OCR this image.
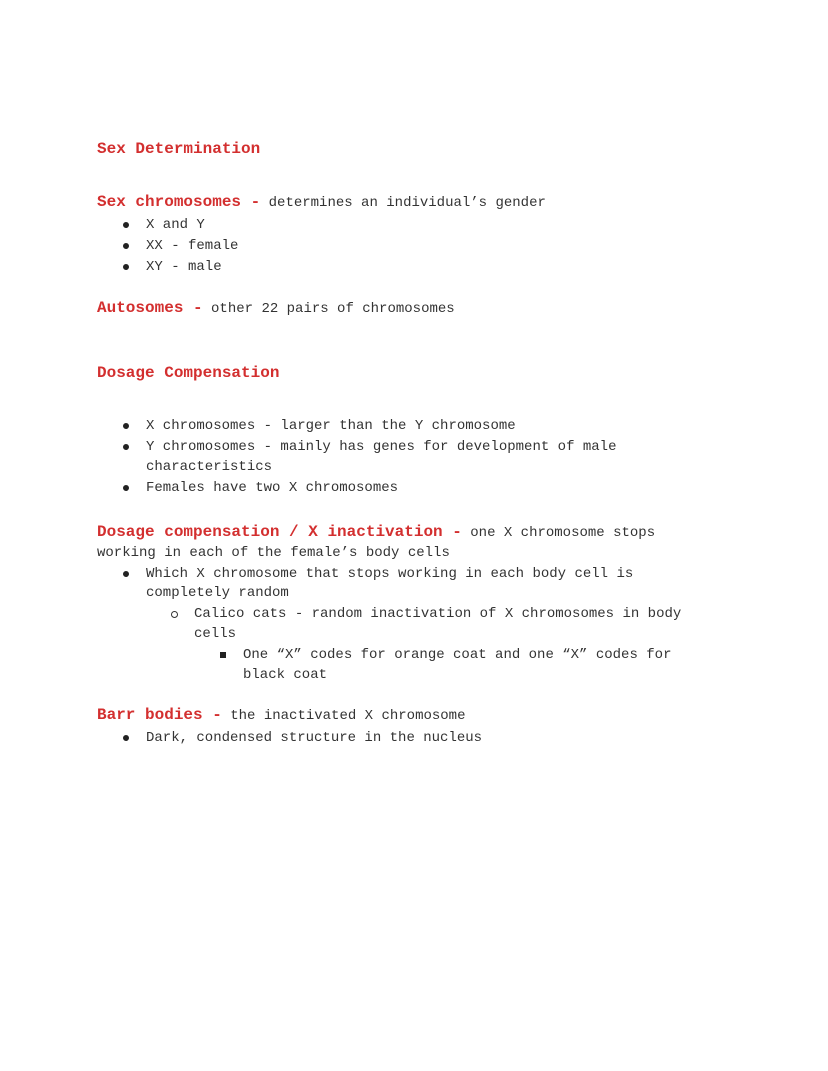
Sex Determination
Sex chromosomes - determines an individual’s gender
X and Y
XX - female
XY - male
Autosomes - other 22 pairs of chromosomes
Dosage Compensation
X chromosomes - larger than the Y chromosome
Y chromosomes - mainly has genes for development of male
characteristics
Females have two X chromosomes
Dosage compensation / X inactivation - one X chromosome stops
working in each of the female’s body cells
Which X chromosome that stops working in each body cell is
completely random
Calico cats - random inactivation of X chromosomes in body
cells
One “X” codes for orange coat and one “X” codes for
black coat
Barr bodies - the inactivated X chromosome
Dark, condensed structure in the nucleus
